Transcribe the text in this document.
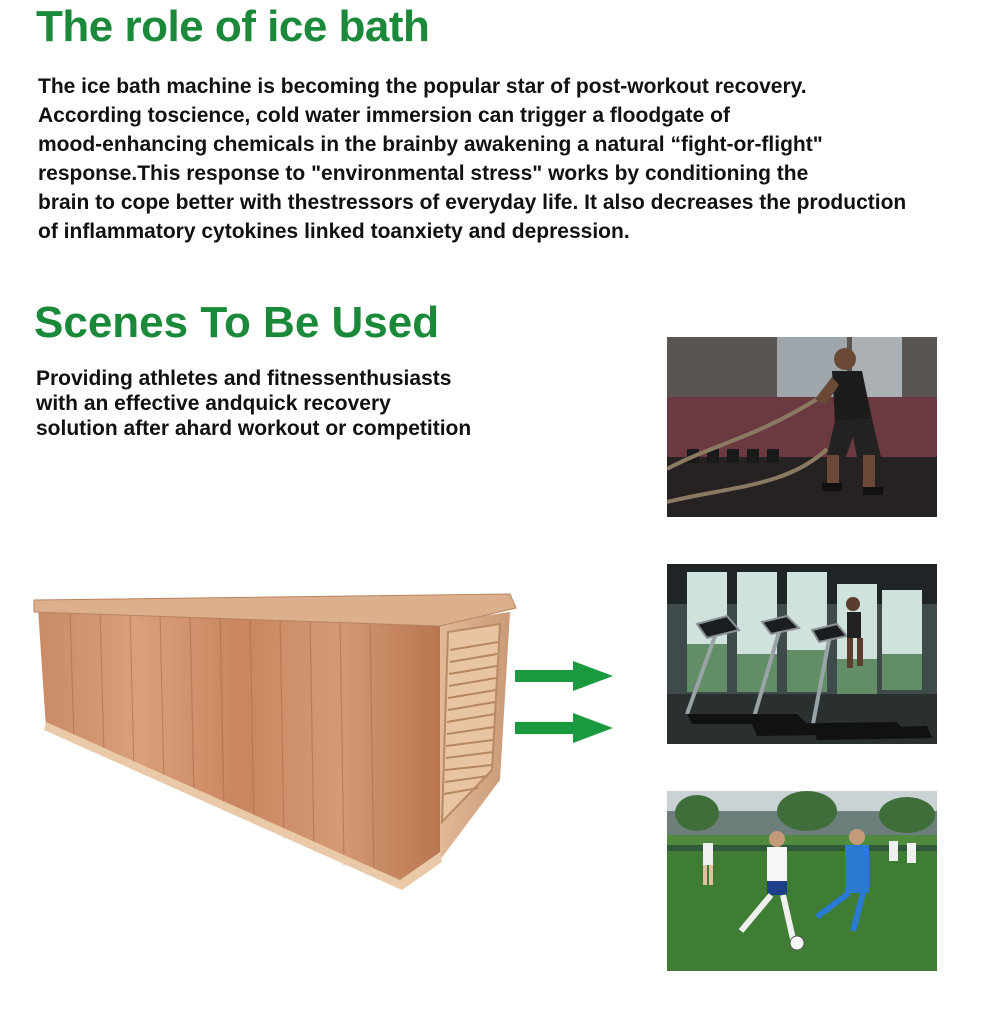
The role of ice bath
The ice bath machine is becoming the popular star of post-workout recovery.
According toscience, cold water immersion can trigger a floodgate of
mood-enhancing chemicals in the brainby awakening a natural “fight-or-flight"
response.This response to "environmental stress" works by conditioning the
brain to cope better with thestressors of everyday life. It also decreases the production
of inflammatory cytokines linked toanxiety and depression.
Scenes To Be Used
Providing athletes and fitnessenthusiasts
with an effective andquick recovery
solution after ahard workout or competition
